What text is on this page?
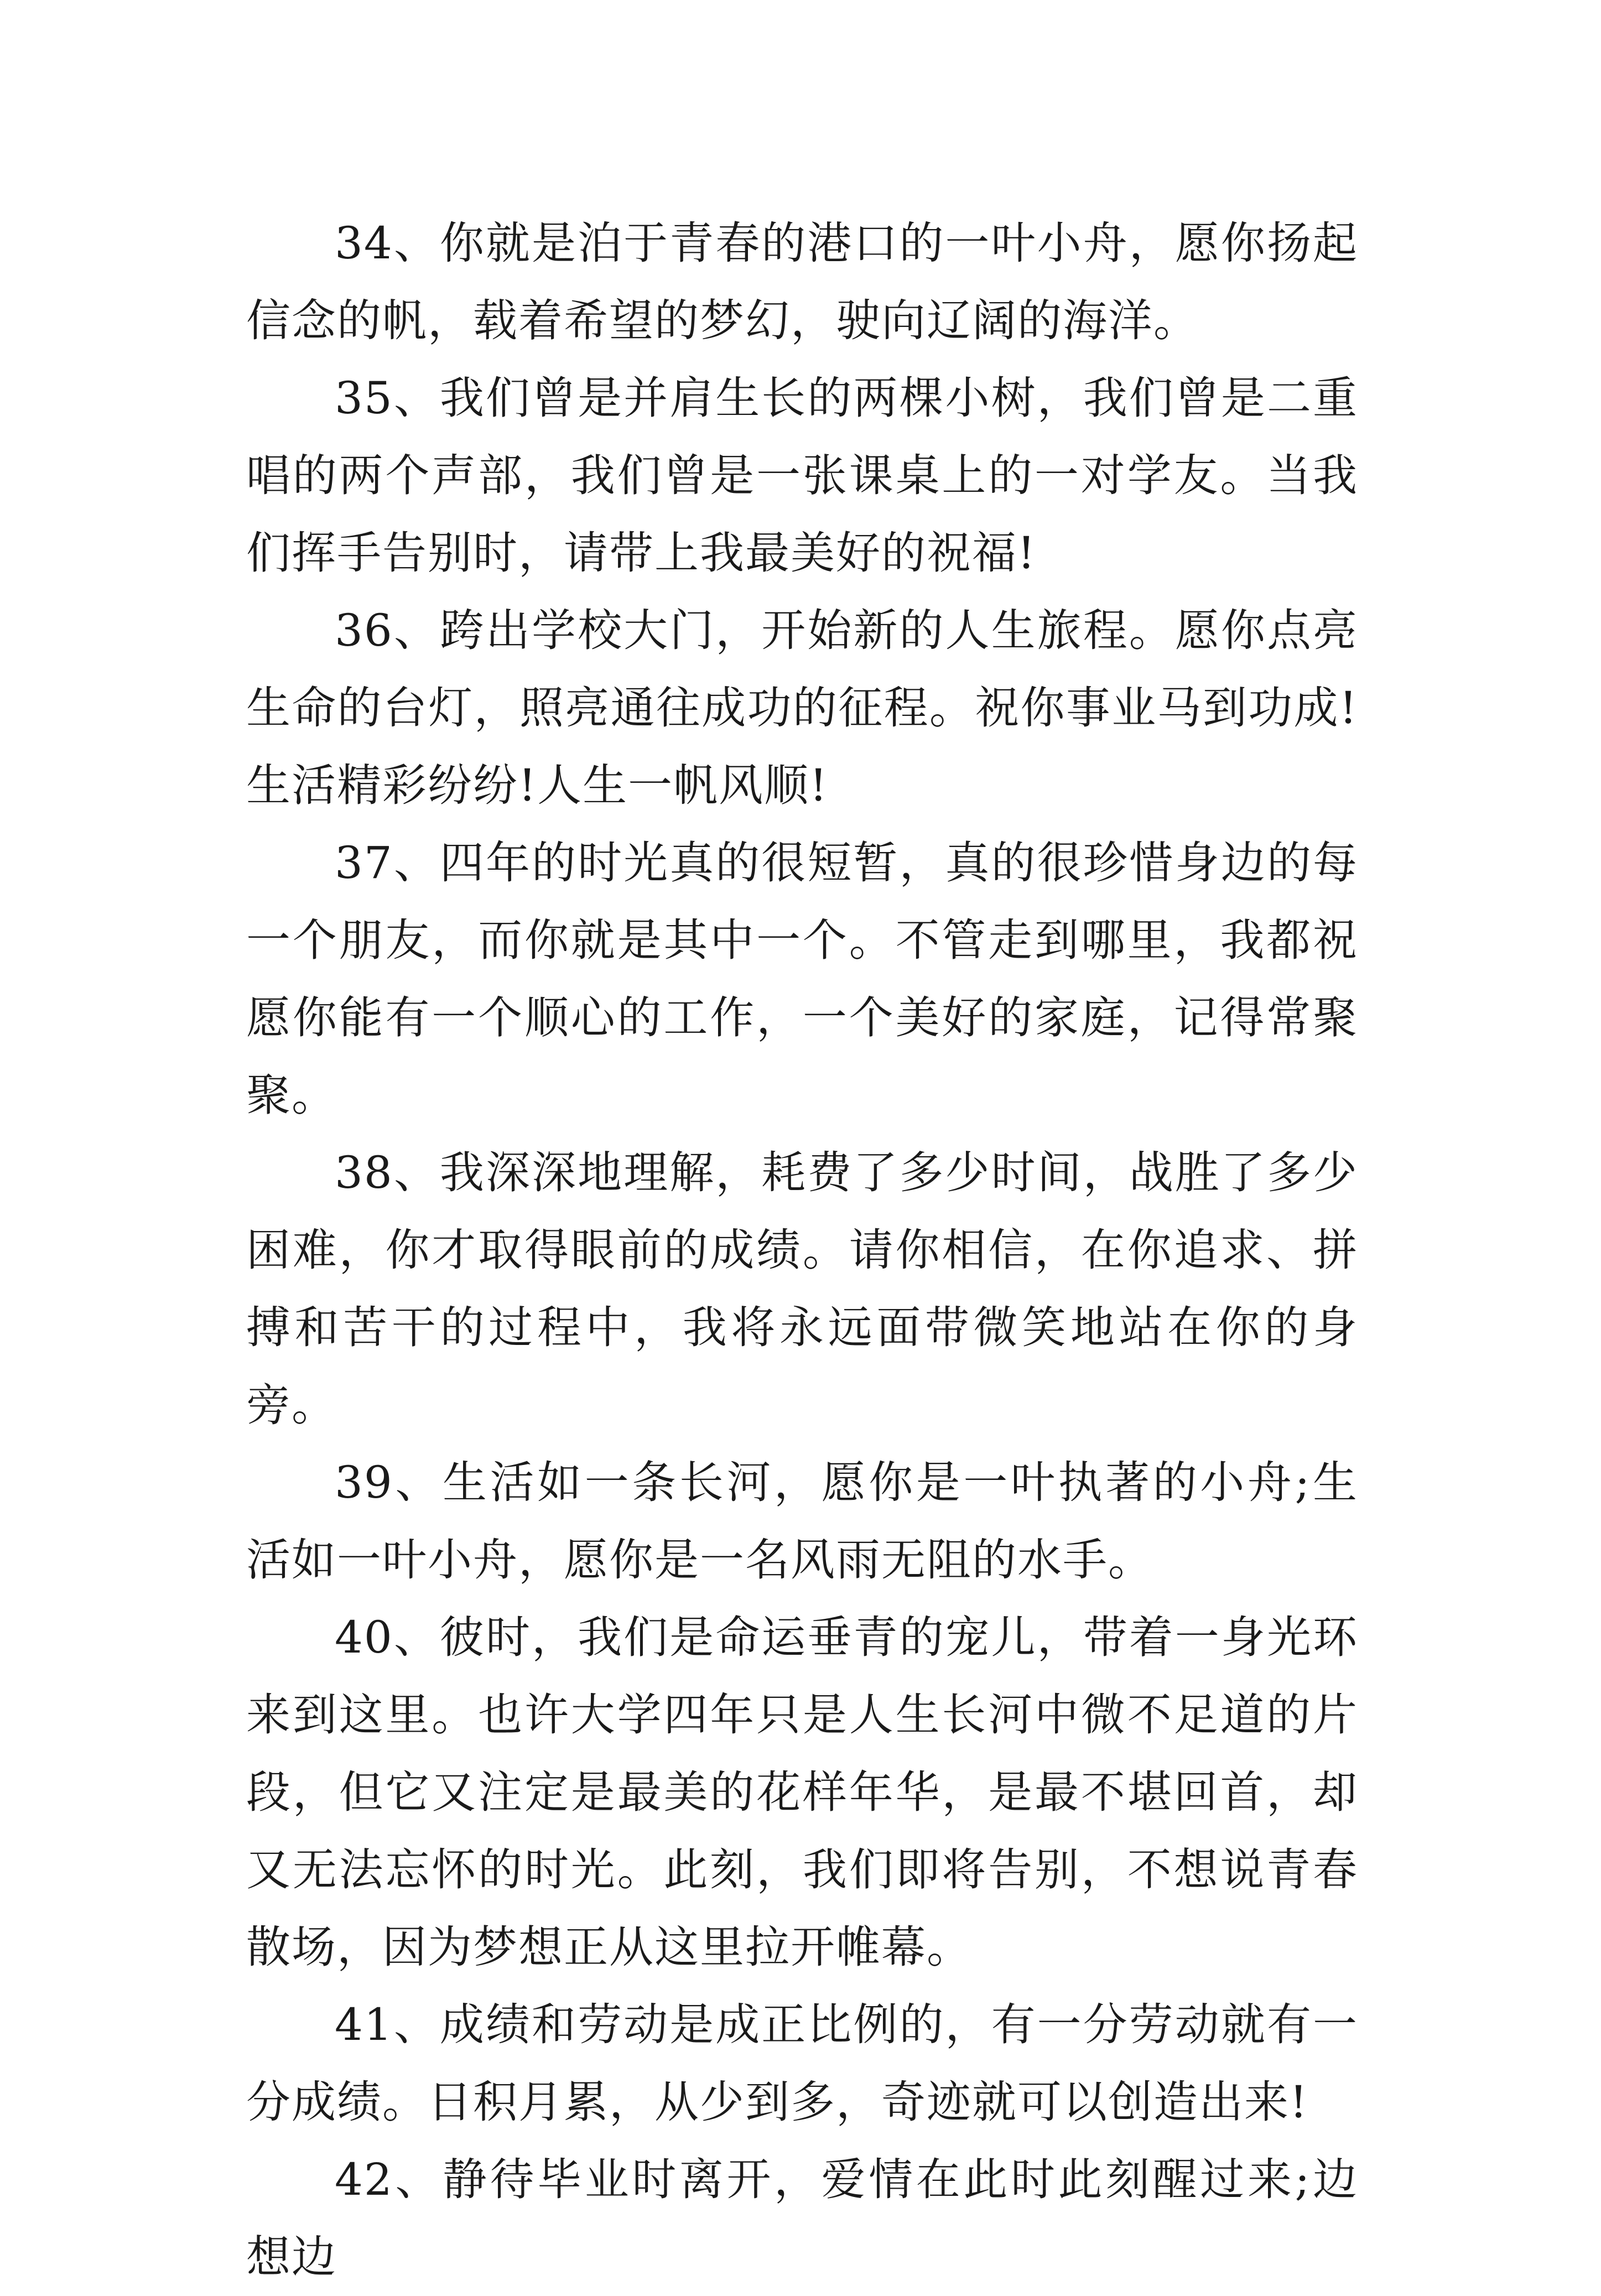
34、你就是泊于青春的港口的一叶小舟，愿你扬起信念的帆，载着希望的梦幻，驶向辽阔的海洋。

35、我们曾是并肩生长的两棵小树，我们曾是二重唱的两个声部，我们曾是一张课桌上的一对学友。当我们挥手告别时，请带上我最美好的祝福!

36、跨出学校大门，开始新的人生旅程。愿你点亮生命的台灯，照亮通往成功的征程。祝你事业马到功成!生活精彩纷纷!人生一帆风顺!

37、四年的时光真的很短暂，真的很珍惜身边的每一个朋友，而你就是其中一个。不管走到哪里，我都祝愿你能有一个顺心的工作，一个美好的家庭，记得常聚聚。

38、我深深地理解，耗费了多少时间，战胜了多少困难，你才取得眼前的成绩。请你相信，在你追求、拼搏和苦干的过程中，我将永远面带微笑地站在你的身旁。

39、生活如一条长河，愿你是一叶执著的小舟;生活如一叶小舟，愿你是一名风雨无阻的水手。

40、彼时，我们是命运垂青的宠儿，带着一身光环来到这里。也许大学四年只是人生长河中微不足道的片段，但它又注定是最美的花样年华，是最不堪回首，却又无法忘怀的时光。此刻，我们即将告别，不想说青春散场，因为梦想正从这里拉开帷幕。

41、成绩和劳动是成正比例的，有一分劳动就有一分成绩。日积月累，从少到多，奇迹就可以创造出来!

42、静待毕业时离开，爱情在此时此刻醒过来;边想边
